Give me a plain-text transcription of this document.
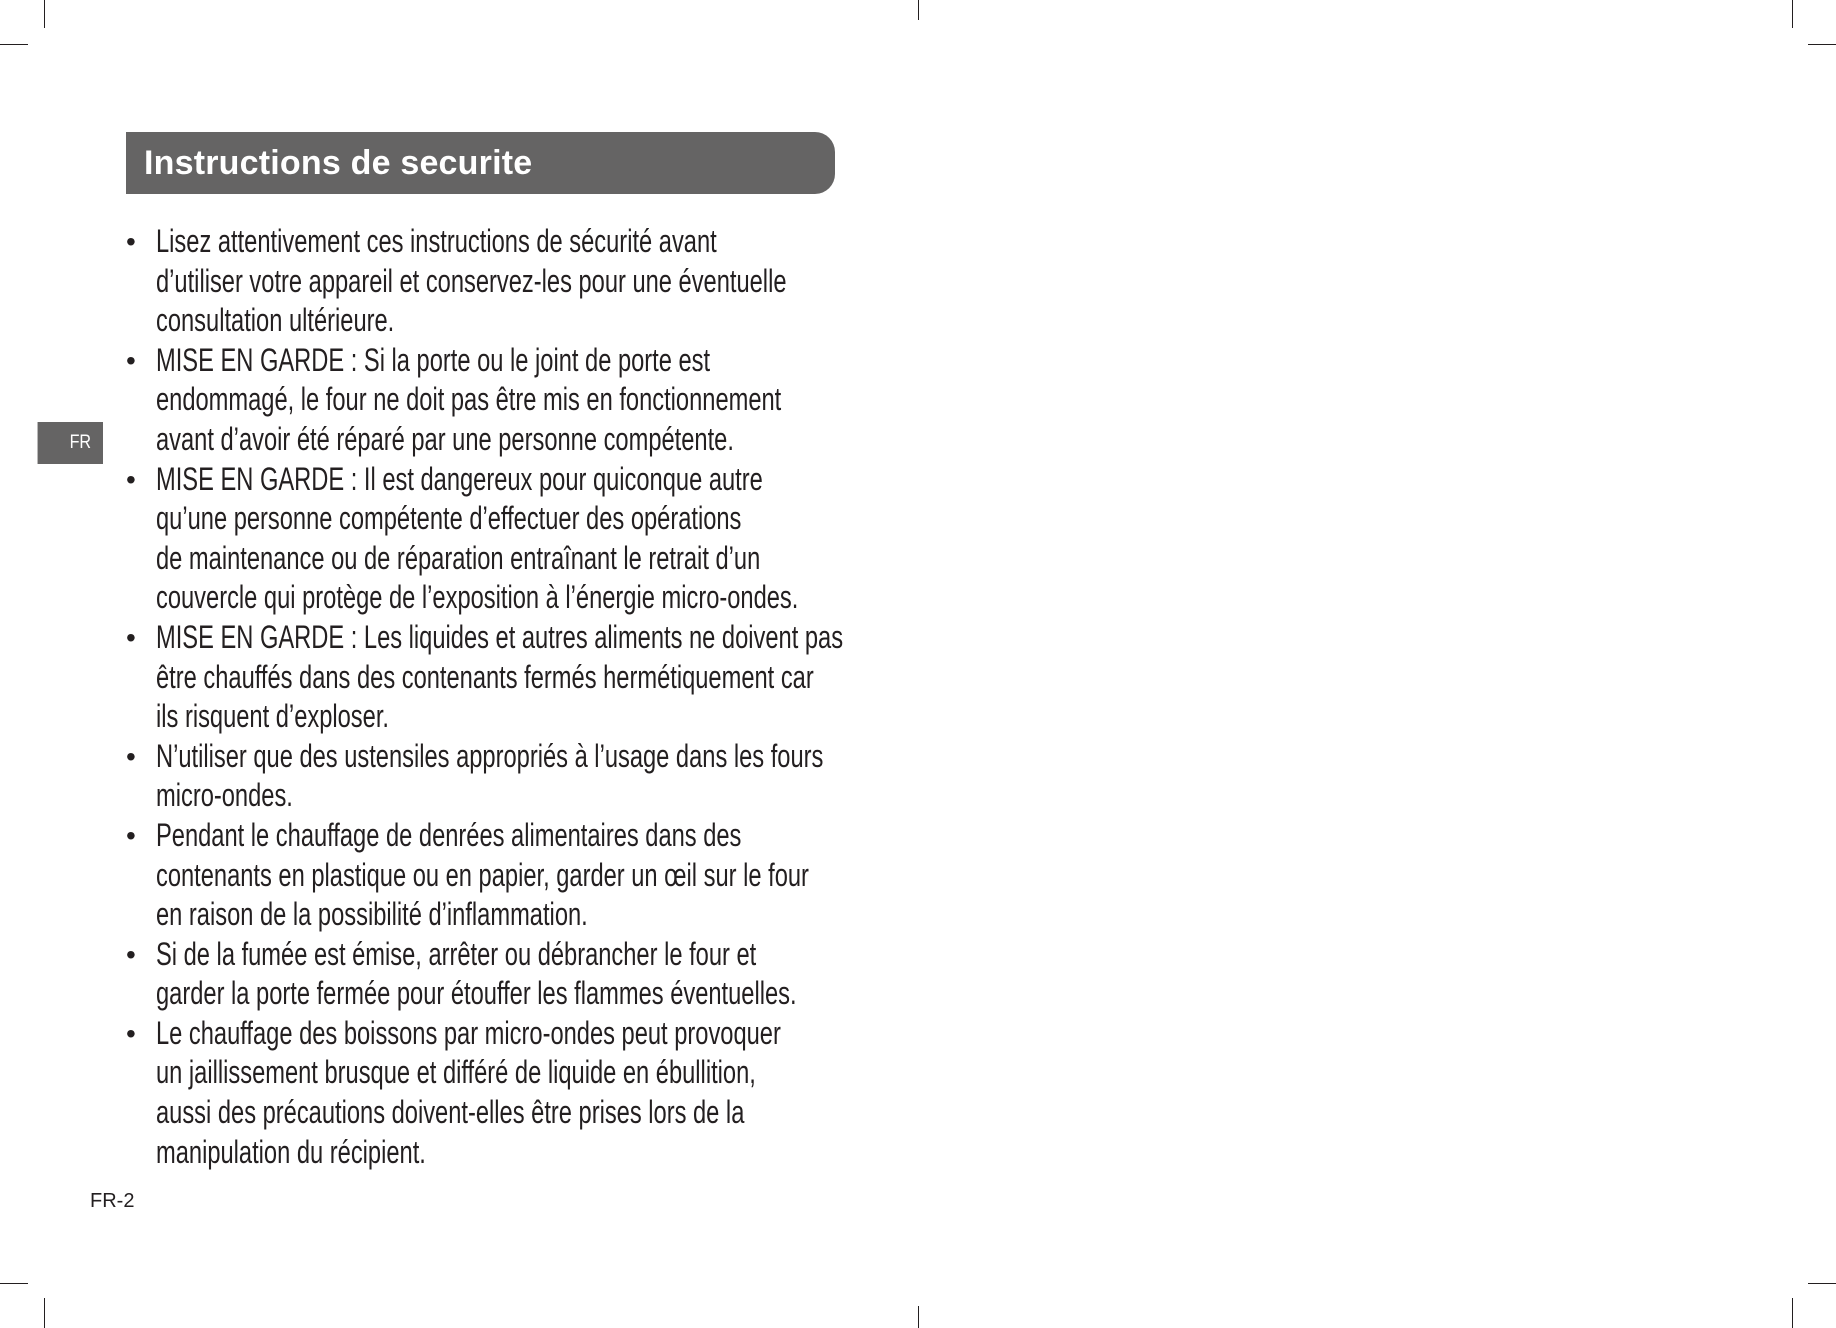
FR
Instructions de securite
• Lisez attentivement ces instructions de sécurité avant
d’utiliser votre appareil et conservez-les pour une éventuelle
consultation ultérieure.
• MISE EN GARDE : Si la porte ou le joint de porte est
endommagé, le four ne doit pas être mis en fonctionnement
avant d’avoir été réparé par une personne compétente.
• MISE EN GARDE : Il est dangereux pour quiconque autre
qu’une personne compétente d’effectuer des opérations
de maintenance ou de réparation entraînant le retrait d’un
couvercle qui protège de l’exposition à l’énergie micro-ondes.
• MISE EN GARDE : Les liquides et autres aliments ne doivent pas
être chauffés dans des contenants fermés hermétiquement car
ils risquent d’exploser.
• N’utiliser que des ustensiles appropriés à l’usage dans les fours
micro-ondes.
• Pendant le chauffage de denrées alimentaires dans des
contenants en plastique ou en papier, garder un œil sur le four
en raison de la possibilité d’inflammation.
• Si de la fumée est émise, arrêter ou débrancher le four et
garder la porte fermée pour étouffer les flammes éventuelles.
• Le chauffage des boissons par micro-ondes peut provoquer
un jaillissement brusque et différé de liquide en ébullition,
aussi des précautions doivent-elles être prises lors de la
manipulation du récipient.
FR-2
